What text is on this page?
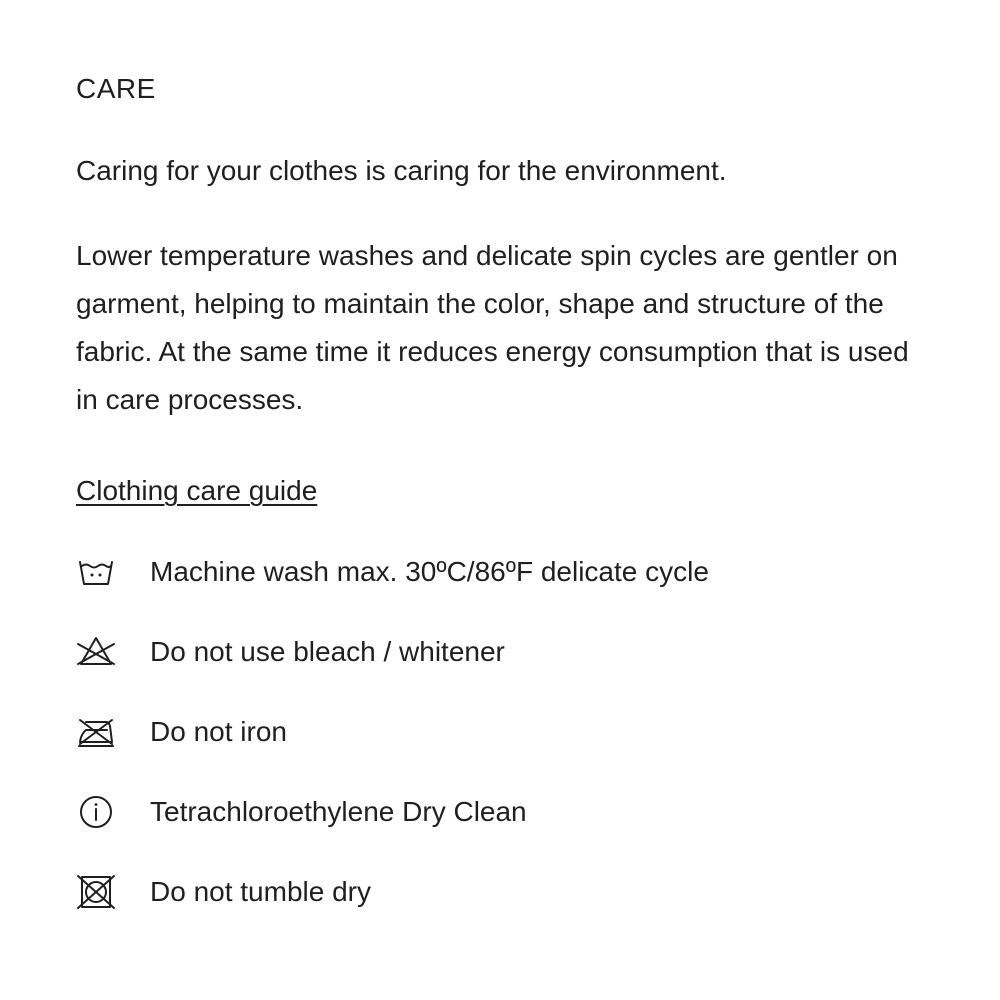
CARE
Caring for your clothes is caring for the environment.
Lower temperature washes and delicate spin cycles are gentler on garment, helping to maintain the color, shape and structure of the fabric. At the same time it reduces energy consumption that is used in care processes.
Clothing care guide
Machine wash max. 30ºC/86ºF delicate cycle
Do not use bleach / whitener
Do not iron
Tetrachloroethylene Dry Clean
Do not tumble dry
